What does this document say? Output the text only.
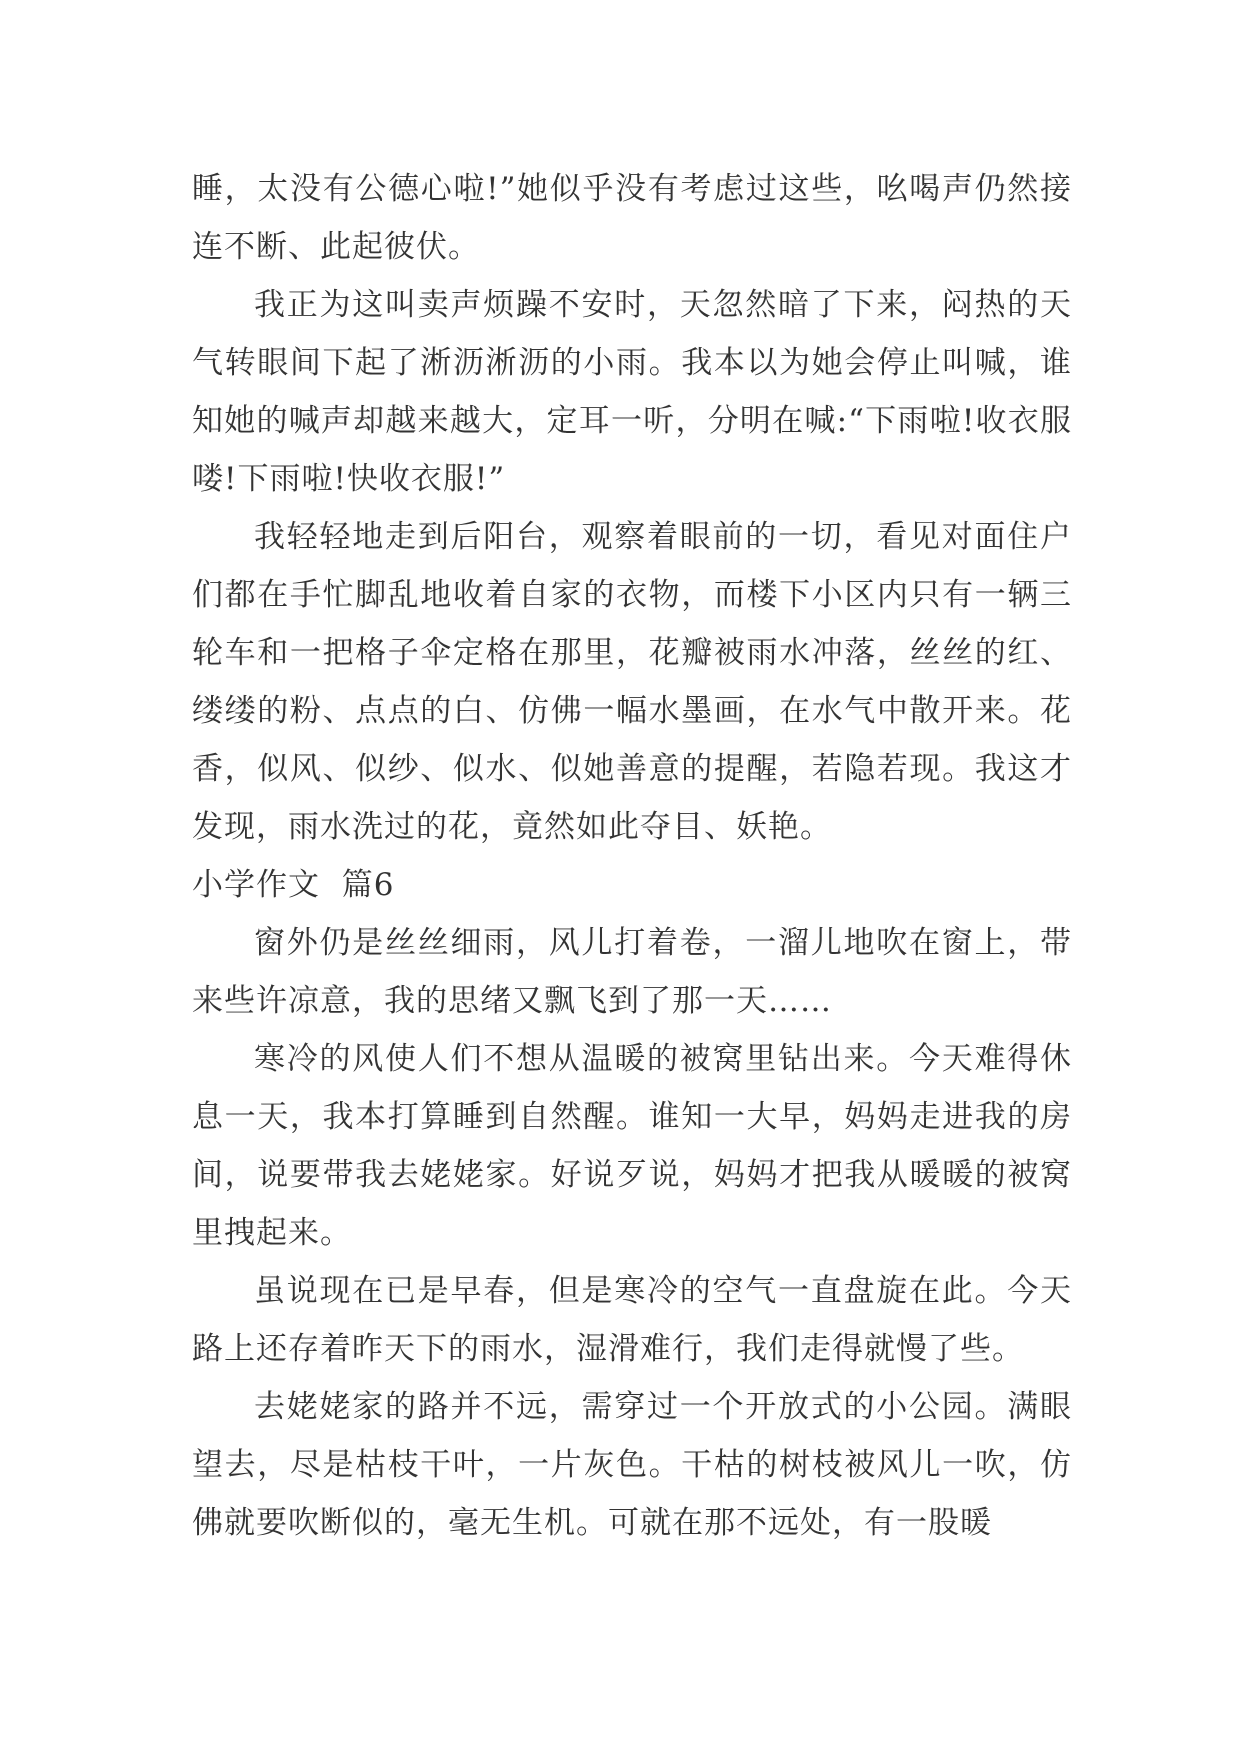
睡，太没有公德心啦!”她似乎没有考虑过这些，吆喝声仍然接连不断、此起彼伏。

我正为这叫卖声烦躁不安时，天忽然暗了下来，闷热的天气转眼间下起了淅沥淅沥的小雨。我本以为她会停止叫喊，谁知她的喊声却越来越大，定耳一听，分明在喊:“下雨啦!收衣服喽!下雨啦!快收衣服!”

我轻轻地走到后阳台，观察着眼前的一切，看见对面住户们都在手忙脚乱地收着自家的衣物，而楼下小区内只有一辆三轮车和一把格子伞定格在那里，花瓣被雨水冲落，丝丝的红、缕缕的粉、点点的白、仿佛一幅水墨画，在水气中散开来。花香，似风、似纱、似水、似她善意的提醒，若隐若现。我这才发现，雨水洗过的花，竟然如此夺目、妖艳。

小学作文  篇6

窗外仍是丝丝细雨，风儿打着卷，一溜儿地吹在窗上，带来些许凉意，我的思绪又飘飞到了那一天……

寒冷的风使人们不想从温暖的被窝里钻出来。今天难得休息一天，我本打算睡到自然醒。谁知一大早，妈妈走进我的房间，说要带我去姥姥家。好说歹说，妈妈才把我从暖暖的被窝里拽起来。

虽说现在已是早春，但是寒冷的空气一直盘旋在此。今天路上还存着昨天下的雨水，湿滑难行，我们走得就慢了些。

去姥姥家的路并不远，需穿过一个开放式的小公园。满眼望去，尽是枯枝干叶，一片灰色。干枯的树枝被风儿一吹，仿佛就要吹断似的，毫无生机。可就在那不远处，有一股暖
